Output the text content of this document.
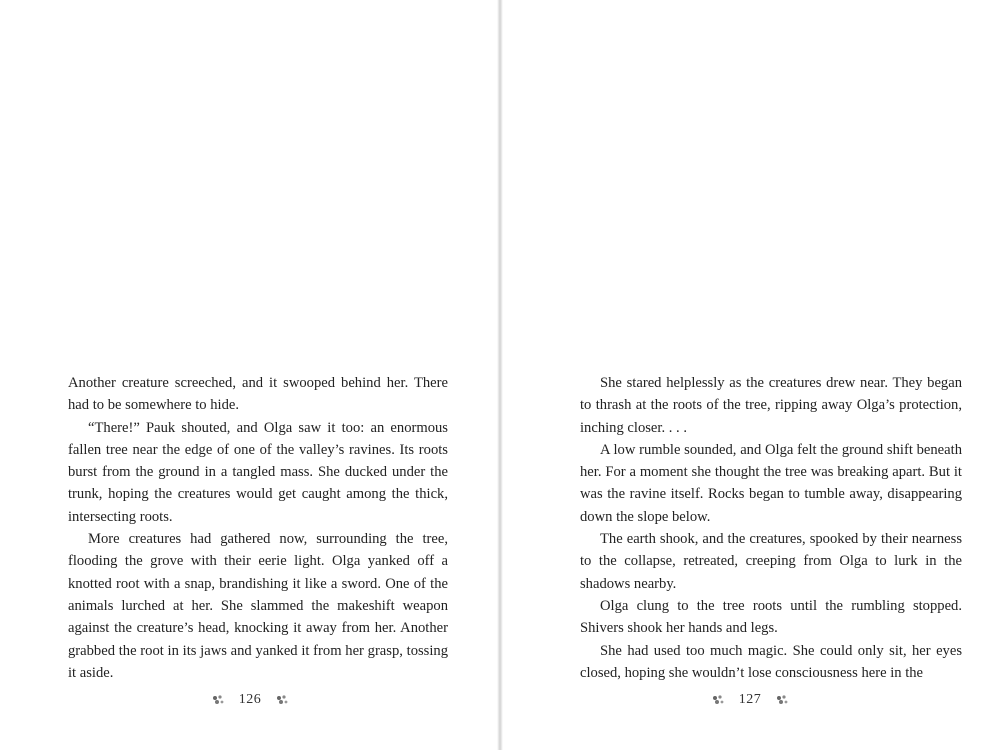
Another creature screeched, and it swooped behind her. There had to be somewhere to hide.

“There!” Pauk shouted, and Olga saw it too: an enormous fallen tree near the edge of one of the valley’s ravines. Its roots burst from the ground in a tangled mass. She ducked under the trunk, hoping the creatures would get caught among the thick, intersecting roots.

More creatures had gathered now, surrounding the tree, flooding the grove with their eerie light. Olga yanked off a knotted root with a snap, brandishing it like a sword. One of the animals lurched at her. She slammed the makeshift weapon against the creature’s head, knocking it away from her. Another grabbed the root in its jaws and yanked it from her grasp, tossing it aside.

126

She stared helplessly as the creatures drew near. They began to thrash at the roots of the tree, ripping away Olga’s protection, inching closer. . . .

A low rumble sounded, and Olga felt the ground shift beneath her. For a moment she thought the tree was breaking apart. But it was the ravine itself. Rocks began to tumble away, disappearing down the slope below.

The earth shook, and the creatures, spooked by their nearness to the collapse, retreated, creeping from Olga to lurk in the shadows nearby.

Olga clung to the tree roots until the rumbling stopped. Shivers shook her hands and legs.

She had used too much magic. She could only sit, her eyes closed, hoping she wouldn’t lose consciousness here in the

127
